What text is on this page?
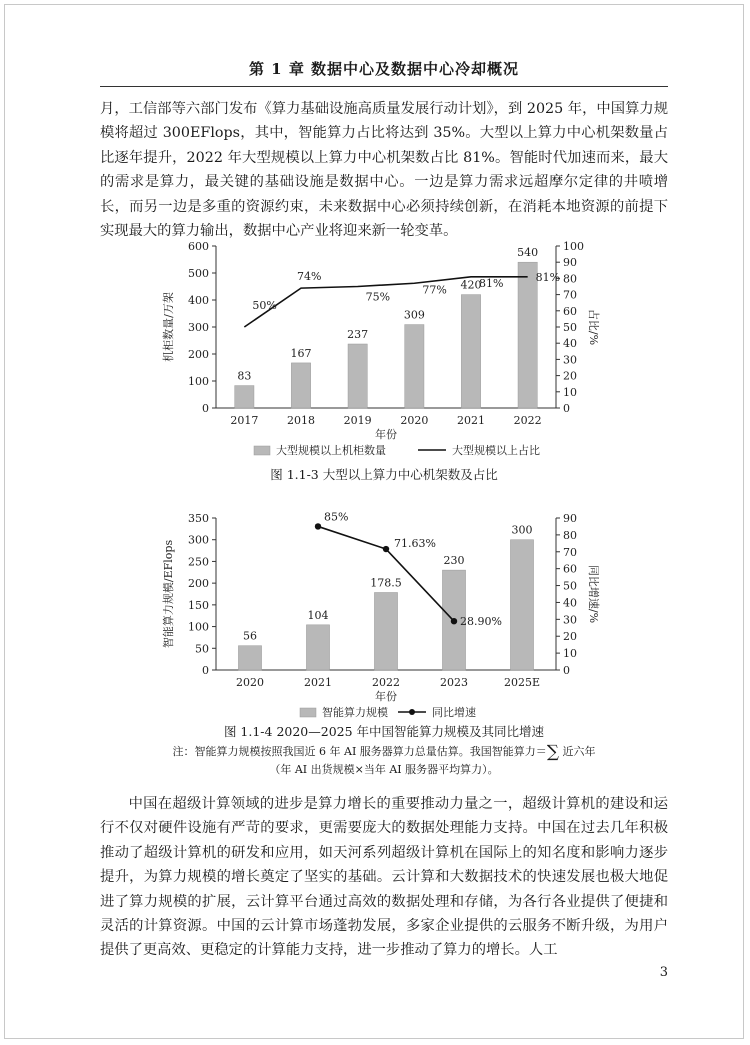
第 1 章 数据中心及数据中心冷却概况

月，工信部等六部门发布《算力基础设施高质量发展行动计划》，到 2025 年，中国算力规模将超过 300EFlops，其中，智能算力占比将达到 35%。大型以上算力中心机架数量占比逐年提升，2022 年大型规模以上算力中心机架数占比 81%。智能时代加速而来，最大的需求是算力，最关键的基础设施是数据中心。一边是算力需求远超摩尔定律的井喷增长，而另一边是多重的资源约束，未来数据中心必须持续创新，在消耗本地资源的前提下实现最大的算力输出，数据中心产业将迎来新一轮变革。

0
100
200
300
400
500
600
0
10
20
30
40
50
60
70
80
90
100
83
167
237
309
420
540
2017	2018	2019	2020	2021	2022
50%
74%
75%
77%	81%	81%
机柜数量/万架	占比/%
年份
大型规模以上机柜数量	大型规模以上占比
图 1.1-3 大型以上算力中心机架数及占比
0
50
100
150
200
250
300
350
0
10
20
30
40
50
60
70
80
90
56
104
178.5
230
300
2020	2021	2022	2023	2025E
85%
71.63%
28.90%
智能算力规模/EFlops	同比增速/%
年份
智能算力规模	同比增速
图 1.1-4 2020—2025 年中国智能算力规模及其同比增速
注：智能算力规模按照我国近 6 年 AI 服务器算力总量估算。我国智能算力＝∑ 近六年
（年 AI 出货规模×当年 AI 服务器平均算力）。

中国在超级计算领域的进步是算力增长的重要推动力量之一，超级计算机的建设和运行不仅对硬件设施有严苛的要求，更需要庞大的数据处理能力支持。中国在过去几年积极推动了超级计算机的研发和应用，如天河系列超级计算机在国际上的知名度和影响力逐步提升，为算力规模的增长奠定了坚实的基础。云计算和大数据技术的快速发展也极大地促进了算力规模的扩展，云计算平台通过高效的数据处理和存储，为各行各业提供了便捷和灵活的计算资源。中国的云计算市场蓬勃发展，多家企业提供的云服务不断升级，为用户提供了更高效、更稳定的计算能力支持，进一步推动了算力的增长。人工

3
